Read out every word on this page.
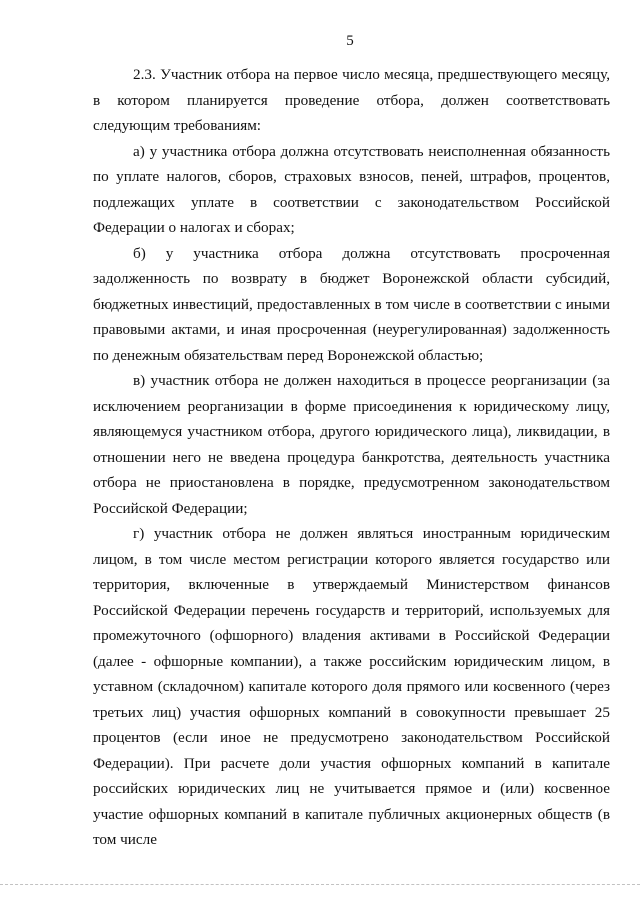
5

2.3. Участник отбора на первое число месяца, предшествующего месяцу, в котором планируется проведение отбора, должен соответствовать следующим требованиям:

а) у участника отбора должна отсутствовать неисполненная обязанность по уплате налогов, сборов, страховых взносов, пеней, штрафов, процентов, подлежащих уплате в соответствии с законодательством Российской Федерации о налогах и сборах;

б) у участника отбора должна отсутствовать просроченная задолженность по возврату в бюджет Воронежской области субсидий, бюджетных инвестиций, предоставленных в том числе в соответствии с иными правовыми актами, и иная просроченная (неурегулированная) задолженность по денежным обязательствам перед Воронежской областью;

в) участник отбора не должен находиться в процессе реорганизации (за исключением реорганизации в форме присоединения к юридическому лицу, являющемуся участником отбора, другого юридического лица), ликвидации, в отношении него не введена процедура банкротства, деятельность участника отбора не приостановлена в порядке, предусмотренном законодательством Российской Федерации;

г) участник отбора не должен являться иностранным юридическим лицом, в том числе местом регистрации которого является государство или территория, включенные в утверждаемый Министерством финансов Российской Федерации перечень государств и территорий, используемых для промежуточного (офшорного) владения активами в Российской Федерации (далее - офшорные компании), а также российским юридическим лицом, в уставном (складочном) капитале которого доля прямого или косвенного (через третьих лиц) участия офшорных компаний в совокупности превышает 25 процентов (если иное не предусмотрено законодательством Российской Федерации). При расчете доли участия офшорных компаний в капитале российских юридических лиц не учитывается прямое и (или) косвенное участие офшорных компаний в капитале публичных акционерных обществ (в том числе
